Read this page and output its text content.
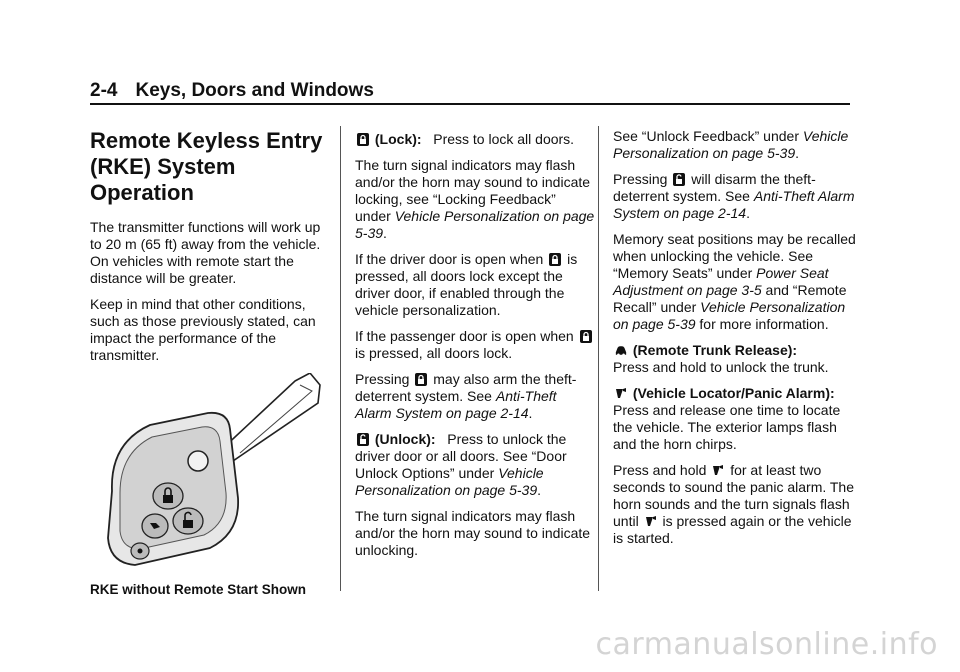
2-4 Keys, Doors and Windows
Remote Keyless Entry
(RKE) System Operation

The transmitter functions will work up to 20 m (65 ft) away from the vehicle. On vehicles with remote start the distance will be greater.

Keep in mind that other conditions, such as those previously stated, can impact the performance of the transmitter.

RKE without Remote Start Shown

(Lock): Press to lock all doors.

The turn signal indicators may flash and/or the horn may sound to indicate locking, see “Locking Feedback” under Vehicle Personalization on page 5-39.

If the driver door is open when is pressed, all doors lock except the driver door, if enabled through the vehicle personalization.

If the passenger door is open when  is pressed, all doors lock.

Pressing may also arm the theft-deterrent system. See Anti-Theft Alarm System on page 2-14.

(Unlock): Press to unlock the driver door or all doors. See “Door Unlock Options” under Vehicle Personalization on page 5-39.

The turn signal indicators may flash and/or the horn may sound to indicate unlocking.

See “Unlock Feedback” under Vehicle Personalization on page 5-39.

Pressing will disarm the theft-deterrent system. See Anti-Theft Alarm System on page 2-14.

Memory seat positions may be recalled when unlocking the vehicle. See “Memory Seats” under Power Seat Adjustment on page 3-5 and “Remote Recall” under Vehicle Personalization on page 5-39 for more information.

(Remote Trunk Release):
Press and hold to unlock the trunk.

(Vehicle Locator/Panic Alarm):   Press and release one time to locate the vehicle. The exterior lamps flash and the horn chirps.

Press and hold for at least two seconds to sound the panic alarm. The horn sounds and the turn signals flash until is pressed again or the vehicle is started.

carmanualsonline.info
